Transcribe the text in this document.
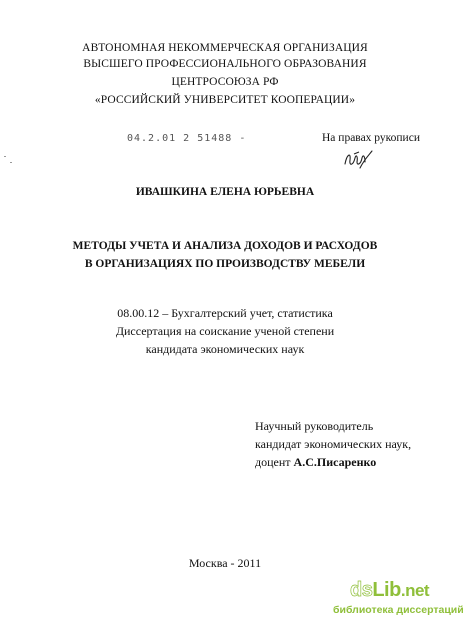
АВТОНОМНАЯ НЕКОММЕРЧЕСКАЯ ОРГАНИЗАЦИЯ
ВЫСШЕГО ПРОФЕССИОНАЛЬНОГО ОБРАЗОВАНИЯ
ЦЕНТРОСОЮЗА РФ
«РОССИЙСКИЙ УНИВЕРСИТЕТ КООПЕРАЦИИ»
04.2.01 2 51488 -	На правах рукописи
ИВАШКИНА ЕЛЕНА ЮРЬЕВНА
МЕТОДЫ УЧЕТА И АНАЛИЗА ДОХОДОВ И РАСХОДОВ
В ОРГАНИЗАЦИЯХ ПО ПРОИЗВОДСТВУ МЕБЕЛИ
08.00.12 – Бухгалтерский учет, статистика
Диссертация на соискание ученой степени
кандидата экономических наук
Научный руководитель
кандидат экономических наук,
доцент А.С.Писаренко
Москва - 2011
dsLib.net
библиотека диссертаций
